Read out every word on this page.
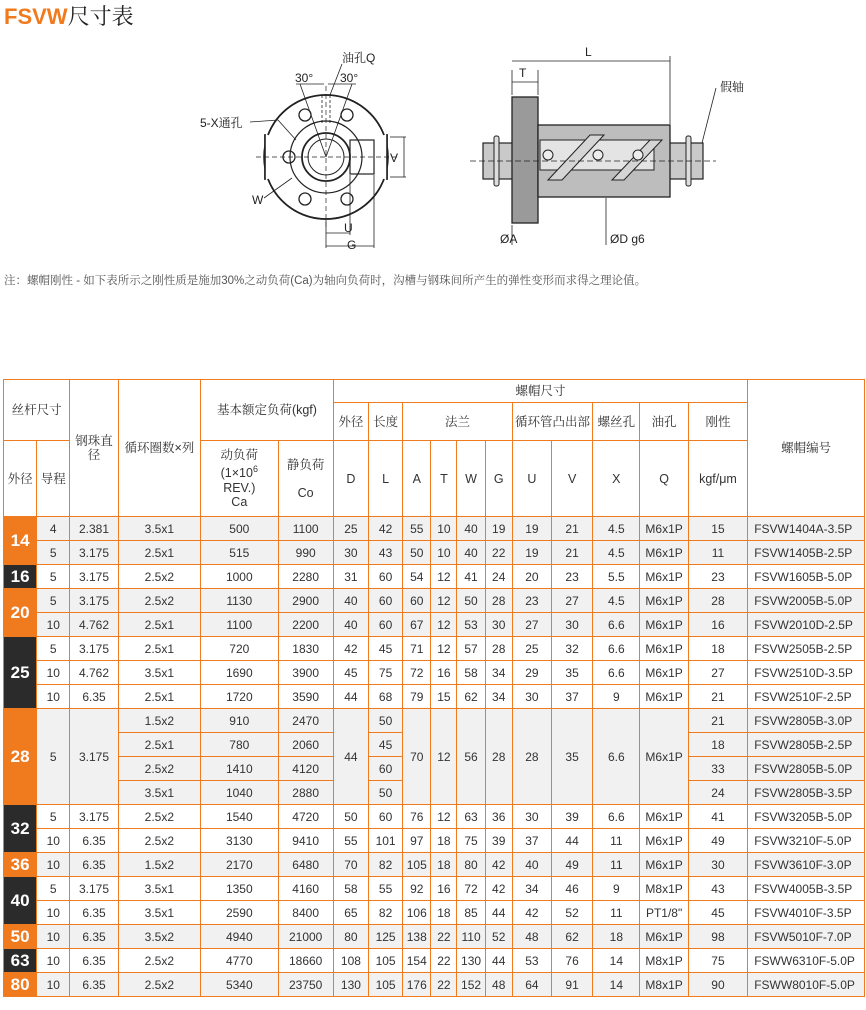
FSVW尺寸表
油孔Q
30° 30°
5-X通孔
W
V
U
G
L
T
假轴
ØA	ØD g6
注：螺帽刚性 - 如下表所示之刚性质是施加30%之动负荷(Ca)为轴向负荷时，沟槽与钢珠间所产生的弹性变形而求得之理论值。
丝杆尺寸		钢珠直径	循环圈数×列	基本额定负荷(kgf)		螺帽尺寸											螺帽编号
						外径	长度	法兰				循环管凸出部		螺丝孔	油孔	刚性	
外径	导程			动负荷
($1\times 10^6$
REV.)
Ca	静负荷

Co	D	L	A	T	W	G	U	V	X	Q	kgf/μm	
14	4	2.381	3.5x1	500	1100	25	42	55	10	40	19	19	21	4.5	M6x1P	15	FSVW1404A-3.5P
	5	3.175	2.5x1	515	990	30	43	50	10	40	22	19	21	4.5	M6x1P	11	FSVW1405B-2.5P
16	5	3.175	2.5x2	1000	2280	31	60	54	12	41	24	20	23	5.5	M6x1P	23	FSVW1605B-5.0P
20	5	3.175	2.5x2	1130	2900	40	60	60	12	50	28	23	27	4.5	M6x1P	28	FSVW2005B-5.0P
	10	4.762	2.5x1	1100	2200	40	60	67	12	53	30	27	30	6.6	M6x1P	16	FSVW2010D-2.5P
25	5	3.175	2.5x1	720	1830	42	45	71	12	57	28	25	32	6.6	M6x1P	18	FSVW2505B-2.5P
	10	4.762	3.5x1	1690	3900	45	75	72	16	58	34	29	35	6.6	M6x1P	27	FSVW2510D-3.5P
	10	6.35	2.5x1	1720	3590	44	68	79	15	62	34	30	37	9	M6x1P	21	FSVW2510F-2.5P
28	5	3.175	1.5x2	910	2470	44	50	70	12	56	28	28	35	6.6	M6x1P	21	FSVW2805B-3.0P
			2.5x1	780	2060		45									18	FSVW2805B-2.5P
			2.5x2	1410	4120		60									33	FSVW2805B-5.0P
			3.5x1	1040	2880		50									24	FSVW2805B-3.5P
32	5	3.175	2.5x2	1540	4720	50	60	76	12	63	36	30	39	6.6	M6x1P	41	FSVW3205B-5.0P
	10	6.35	2.5x2	3130	9410	55	101	97	18	75	39	37	44	11	M6x1P	49	FSVW3210F-5.0P
36	10	6.35	1.5x2	2170	6480	70	82	105	18	80	42	40	49	11	M6x1P	30	FSVW3610F-3.0P
40	5	3.175	3.5x1	1350	4160	58	55	92	16	72	42	34	46	9	M8x1P	43	FSVW4005B-3.5P
	10	6.35	3.5x1	2590	8400	65	82	106	18	85	44	42	52	11	PT1/8"	45	FSVW4010F-3.5P
50	10	6.35	3.5x2	4940	21000	80	125	138	22	110	52	48	62	18	M6x1P	98	FSVW5010F-7.0P
63	10	6.35	2.5x2	4770	18660	108	105	154	22	130	44	53	76	14	M8x1P	75	FSWW6310F-5.0P
80	10	6.35	2.5x2	5340	23750	130	105	176	22	152	48	64	91	14	M8x1P	90	FSWW8010F-5.0P
